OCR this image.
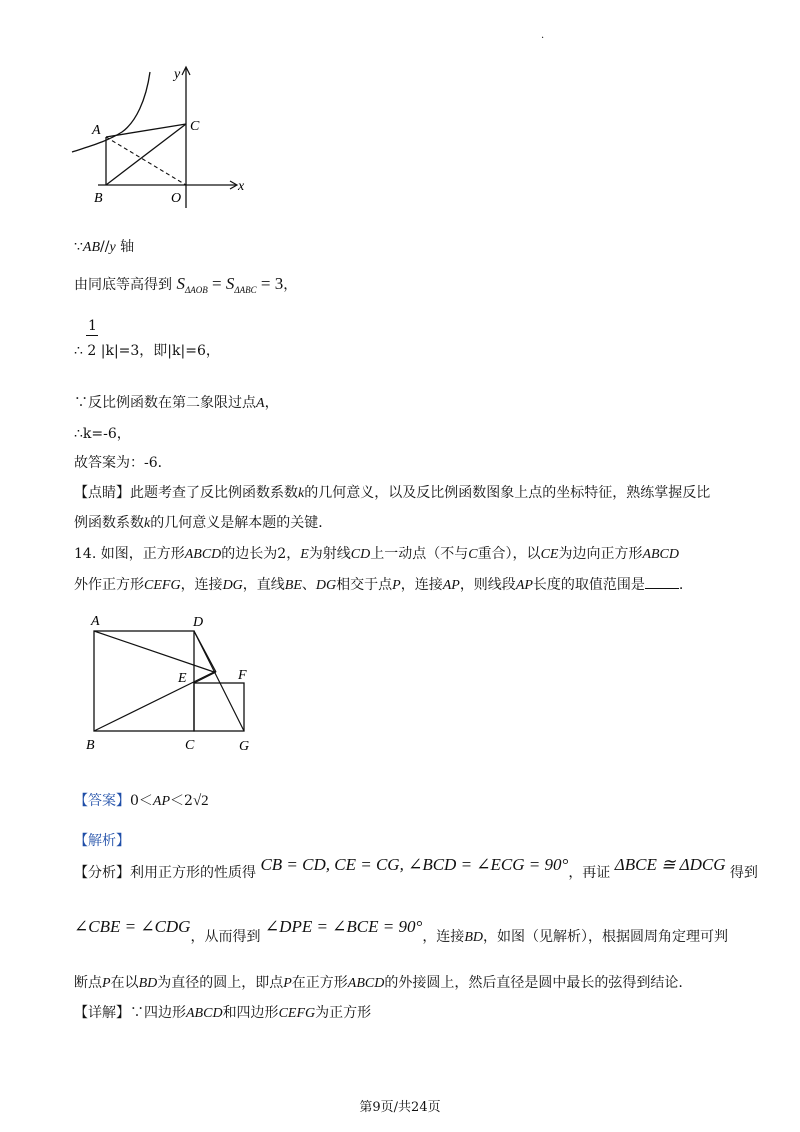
.
y
x
A
B
C
O
∵AB//y 轴
由同底等高得到 $S_{\Delta AOB} = S_{\Delta ABC} = 3$，
1
∴ 2 |k|=3，即|k|=6，
∵反比例函数在第二象限过点A，
∴k=-6，
故答案为：-6．
【点睛】此题考查了反比例函数系数k的几何意义，以及反比例函数图象上点的坐标特征，熟练掌握反比
例函数系数k的几何意义是解本题的关键．
14. 如图，正方形ABCD的边长为2，E为射线CD上一动点（不与C重合），以CE为边向正方形ABCD
外作正方形CEFG，连接DG，直线BE、DG相交于点P，连接AP，则线段AP长度的取值范围是 .
A	D
E	F
B	C	G
【答案】0＜AP＜2√2
【解析】
【分析】利用正方形的性质得 CB = CD, CE = CG, ∠BCD = ∠ECG = 90°，再证 ΔBCE ≅ ΔDCG 得到
∠CBE = ∠CDG，从而得到 ∠DPE = ∠BCE = 90°，连接BD，如图（见解析），根据圆周角定理可判
断点P在以BD为直径的圆上，即点P在正方形ABCD的外接圆上，然后直径是圆中最长的弦得到结论.
【详解】∵四边形ABCD和四边形CEFG为正方形
第9页/共24页
